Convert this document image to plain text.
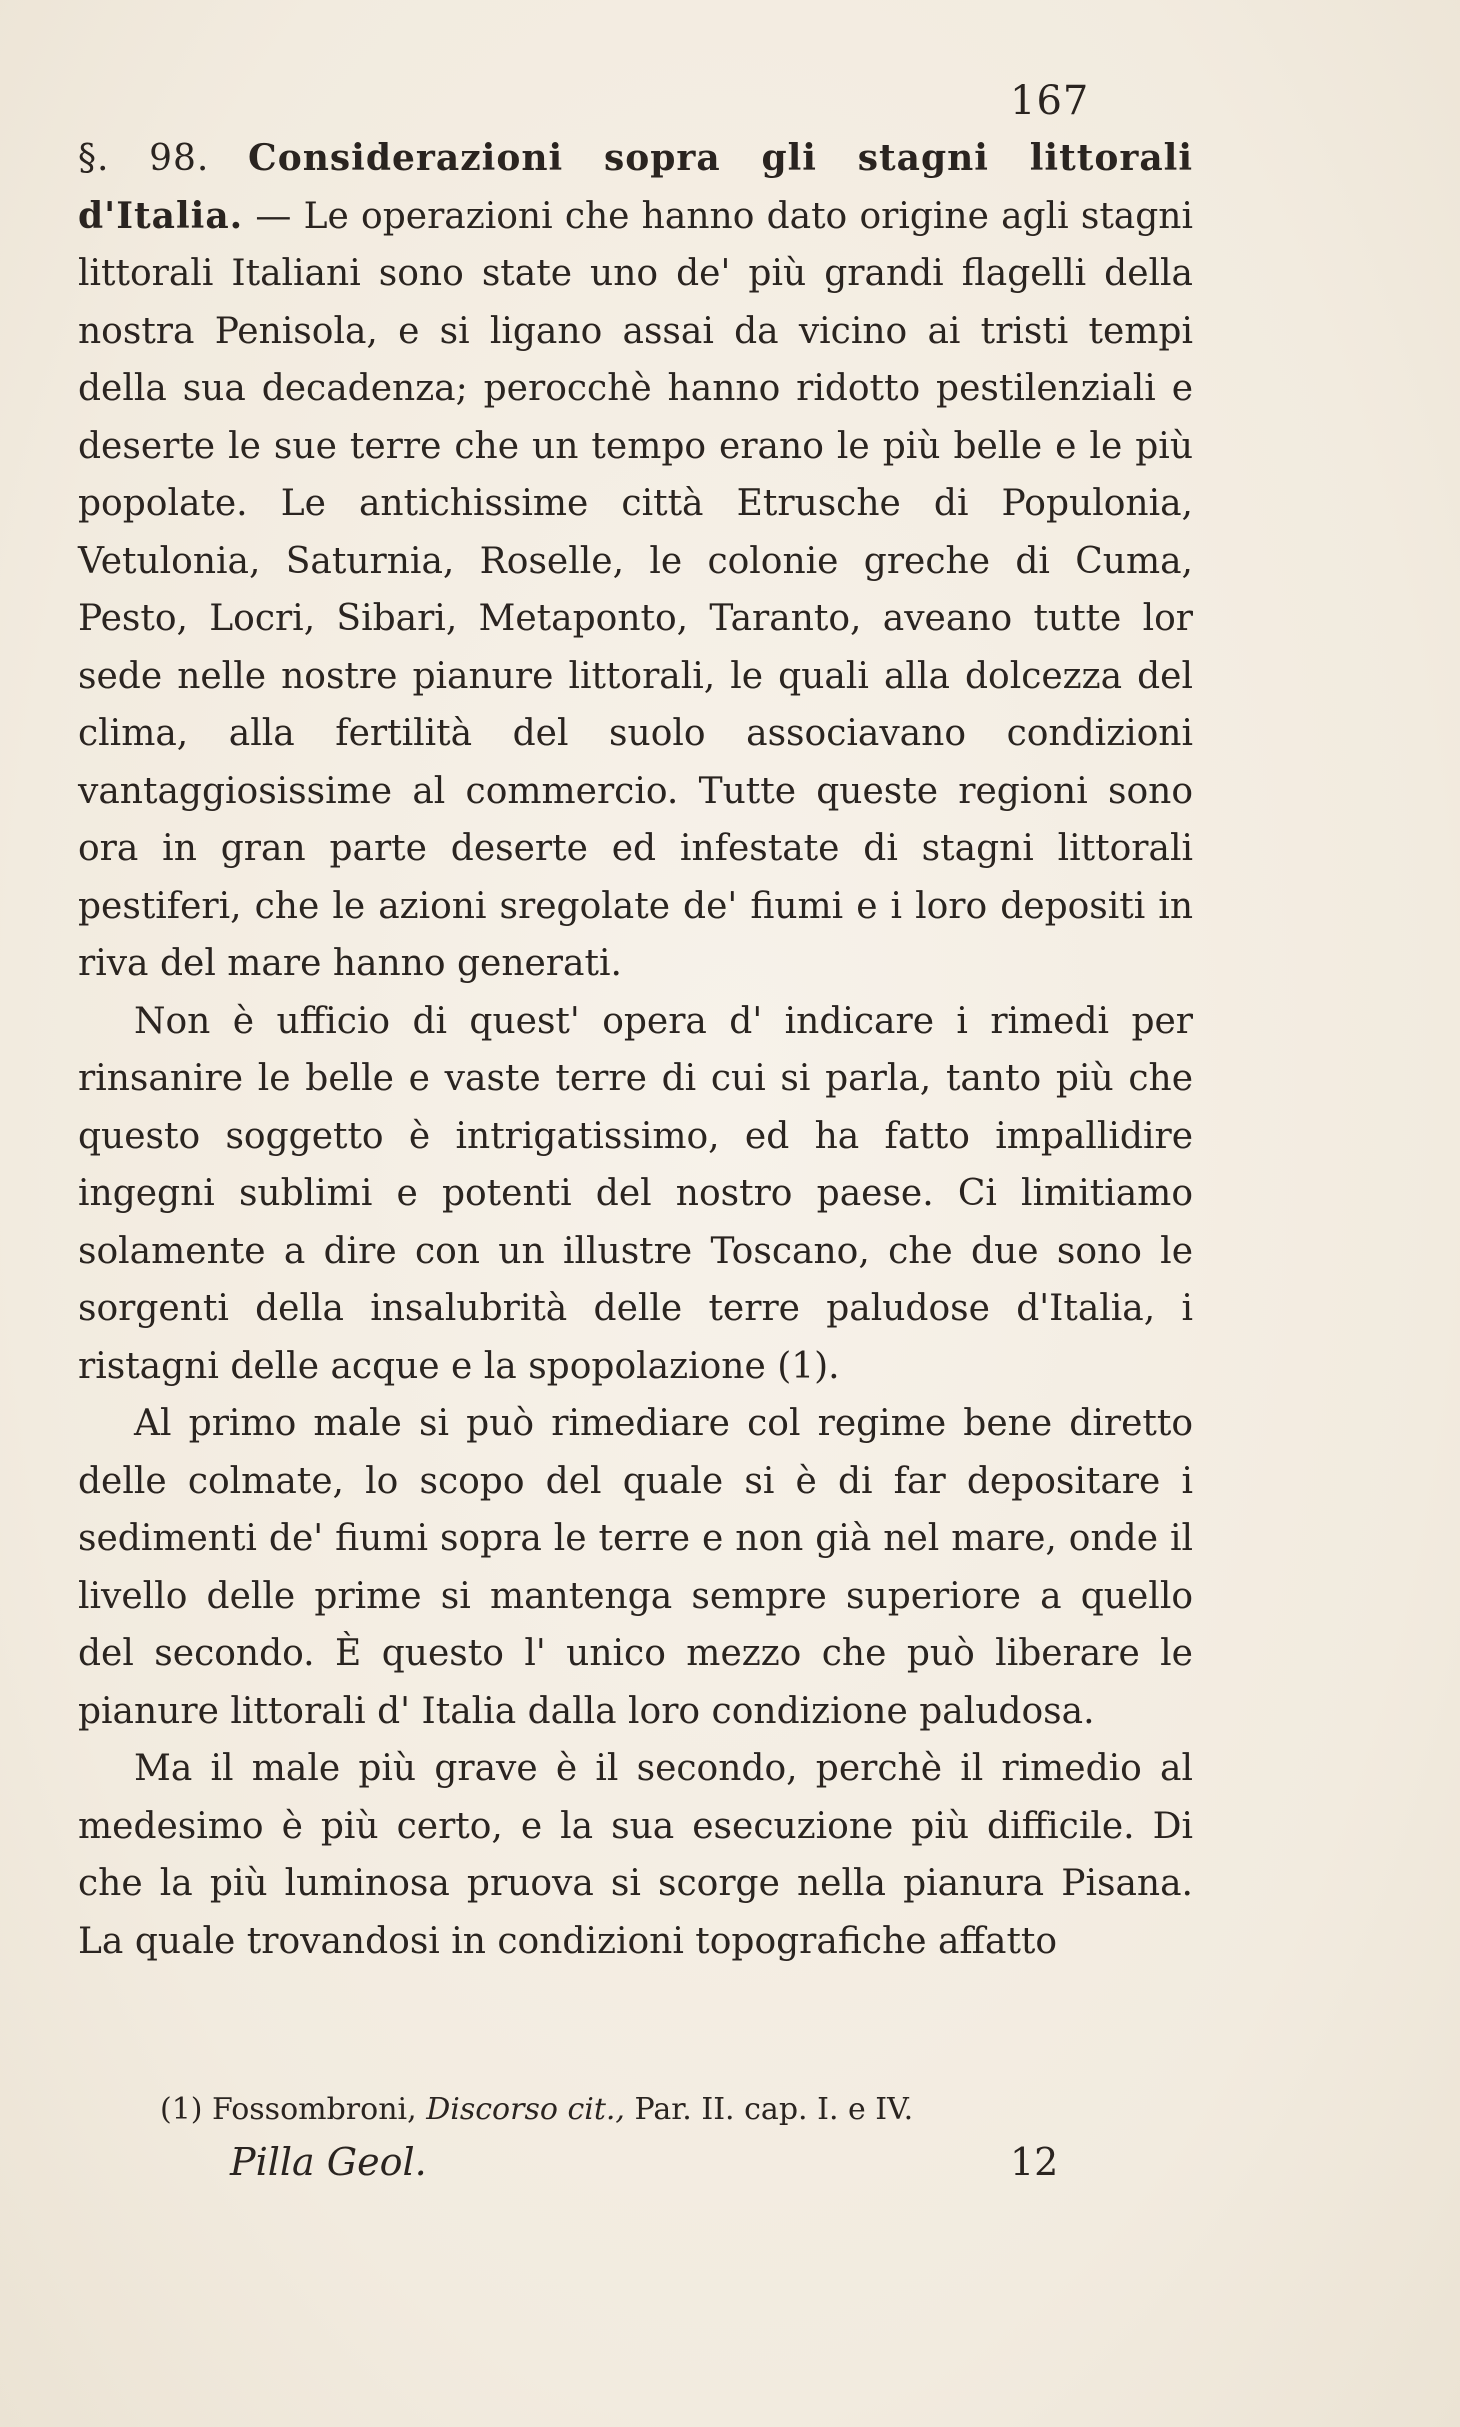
167

§. 98. Considerazioni sopra gli stagni littorali d'Italia. — Le operazioni che hanno dato origine agli stagni littorali Italiani sono state uno de' più grandi flagelli della nostra Penisola, e si ligano assai da vicino ai tristi tempi della sua decadenza; perocchè hanno ridotto pestilenziali e deserte le sue terre che un tempo erano le più belle e le più popolate. Le antichissime città Etrusche di Populonia, Vetulonia, Saturnia, Roselle, le colonie greche di Cuma, Pesto, Locri, Sibari, Metaponto, Taranto, aveano tutte lor sede nelle nostre pianure littorali, le quali alla dolcezza del clima, alla fertilità del suolo associavano condizioni vantaggiosissime al commercio. Tutte queste regioni sono ora in gran parte deserte ed infestate di stagni littorali pestiferi, che le azioni sregolate de' fiumi e i loro depositi in riva del mare hanno generati.

Non è ufficio di quest' opera d' indicare i rimedi per rinsanire le belle e vaste terre di cui si parla, tanto più che questo soggetto è intrigatissimo, ed ha fatto impallidire ingegni sublimi e potenti del nostro paese. Ci limitiamo solamente a dire con un illustre Toscano, che due sono le sorgenti della insalubrità delle terre paludose d'Italia, i ristagni delle acque e la spopolazione (1).

Al primo male si può rimediare col regime bene diretto delle colmate, lo scopo del quale si è di far depositare i sedimenti de' fiumi sopra le terre e non già nel mare, onde il livello delle prime si mantenga sempre superiore a quello del secondo. È questo l' unico mezzo che può liberare le pianure littorali d' Italia dalla loro condizione paludosa.

Ma il male più grave è il secondo, perchè il rimedio al medesimo è più certo, e la sua esecuzione più difficile. Di che la più luminosa pruova si scorge nella pianura Pisana. La quale trovandosi in condizioni topografiche affatto

(1) Fossombroni, Discorso cit., Par. II. cap. I. e IV.
Pilla Geol.	12
